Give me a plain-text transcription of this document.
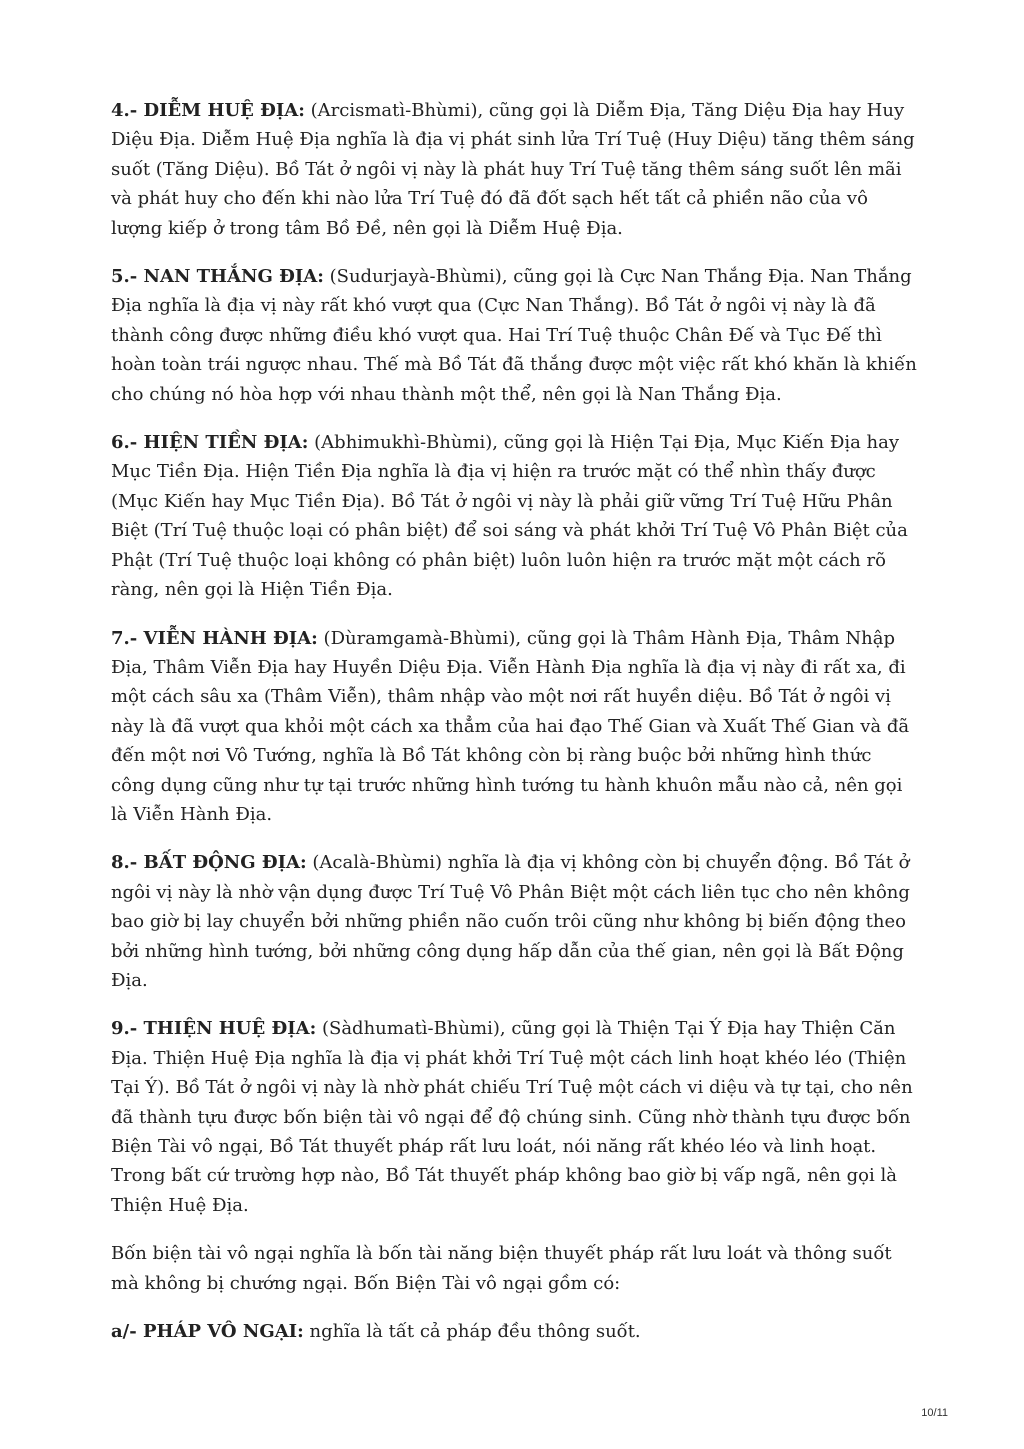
4.- DIỄM HUỆ ĐỊA: (Arcismatì-Bhùmi), cũng gọi là Diễm Địa, Tăng Diệu Địa hay Huy Diệu Địa. Diễm Huệ Địa nghĩa là địa vị phát sinh lửa Trí Tuệ (Huy Diệu) tăng thêm sáng suốt (Tăng Diệu). Bồ Tát ở ngôi vị này là phát huy Trí Tuệ tăng thêm sáng suốt lên mãi và phát huy cho đến khi nào lửa Trí Tuệ đó đã đốt sạch hết tất cả phiền não của vô lượng kiếp ở trong tâm Bồ Đề, nên gọi là Diễm Huệ Địa.

5.- NAN THẮNG ĐỊA: (Sudurjayà-Bhùmi), cũng gọi là Cực Nan Thắng Địa. Nan Thắng Địa nghĩa là địa vị này rất khó vượt qua (Cực Nan Thắng). Bồ Tát ở ngôi vị này là đã thành công được những điều khó vượt qua. Hai Trí Tuệ thuộc Chân Đế và Tục Đế thì hoàn toàn trái ngược nhau. Thế mà Bồ Tát đã thắng được một việc rất khó khăn là khiến cho chúng nó hòa hợp với nhau thành một thể, nên gọi là Nan Thắng Địa.

6.- HIỆN TIỀN ĐỊA: (Abhimukhì-Bhùmi), cũng gọi là Hiện Tại Địa, Mục Kiến Địa hay Mục Tiền Địa. Hiện Tiền Địa nghĩa là địa vị hiện ra trước mặt có thể nhìn thấy được (Mục Kiến hay Mục Tiền Địa). Bồ Tát ở ngôi vị này là phải giữ vững Trí Tuệ Hữu Phân Biệt (Trí Tuệ thuộc loại có phân biệt) để soi sáng và phát khởi Trí Tuệ Vô Phân Biệt của Phật (Trí Tuệ thuộc loại không có phân biệt) luôn luôn hiện ra trước mặt một cách rõ ràng, nên gọi là Hiện Tiền Địa.

7.- VIỄN HÀNH ĐỊA: (Dùramgamà-Bhùmi), cũng gọi là Thâm Hành Địa, Thâm Nhập Địa, Thâm Viễn Địa hay Huyền Diệu Địa. Viễn Hành Địa nghĩa là địa vị này đi rất xa, đi một cách sâu xa (Thâm Viễn), thâm nhập vào một nơi rất huyền diệu. Bồ Tát ở ngôi vị này là đã vượt qua khỏi một cách xa thẳm của hai đạo Thế Gian và Xuất Thế Gian và đã đến một nơi Vô Tướng, nghĩa là Bồ Tát không còn bị ràng buộc bởi những hình thức công dụng cũng như tự tại trước những hình tướng tu hành khuôn mẫu nào cả, nên gọi là Viễn Hành Địa.

8.- BẤT ĐỘNG ĐỊA: (Acalà-Bhùmi) nghĩa là địa vị không còn bị chuyển động. Bồ Tát ở ngôi vị này là nhờ vận dụng được Trí Tuệ Vô Phân Biệt một cách liên tục cho nên không bao giờ bị lay chuyển bởi những phiền não cuốn trôi cũng như không bị biến động theo bởi những hình tướng, bởi những công dụng hấp dẫn của thế gian, nên gọi là Bất Động Địa.

9.- THIỆN HUỆ ĐỊA: (Sàdhumatì-Bhùmi), cũng gọi là Thiện Tại Ý Địa hay Thiện Căn Địa. Thiện Huệ Địa nghĩa là địa vị phát khởi Trí Tuệ một cách linh hoạt khéo léo (Thiện Tại Ý). Bồ Tát ở ngôi vị này là nhờ phát chiếu Trí Tuệ một cách vi diệu và tự tại, cho nên đã thành tựu được bốn biện tài vô ngại để độ chúng sinh. Cũng nhờ thành tựu được bốn Biện Tài vô ngại, Bồ Tát thuyết pháp rất lưu loát, nói năng rất khéo léo và linh hoạt. Trong bất cứ trường hợp nào, Bồ Tát thuyết pháp không bao giờ bị vấp ngã, nên gọi là Thiện Huệ Địa.

Bốn biện tài vô ngại nghĩa là bốn tài năng biện thuyết pháp rất lưu loát và thông suốt mà không bị chướng ngại. Bốn Biện Tài vô ngại gồm có:

a/- PHÁP VÔ NGẠI: nghĩa là tất cả pháp đều thông suốt.

10/11
